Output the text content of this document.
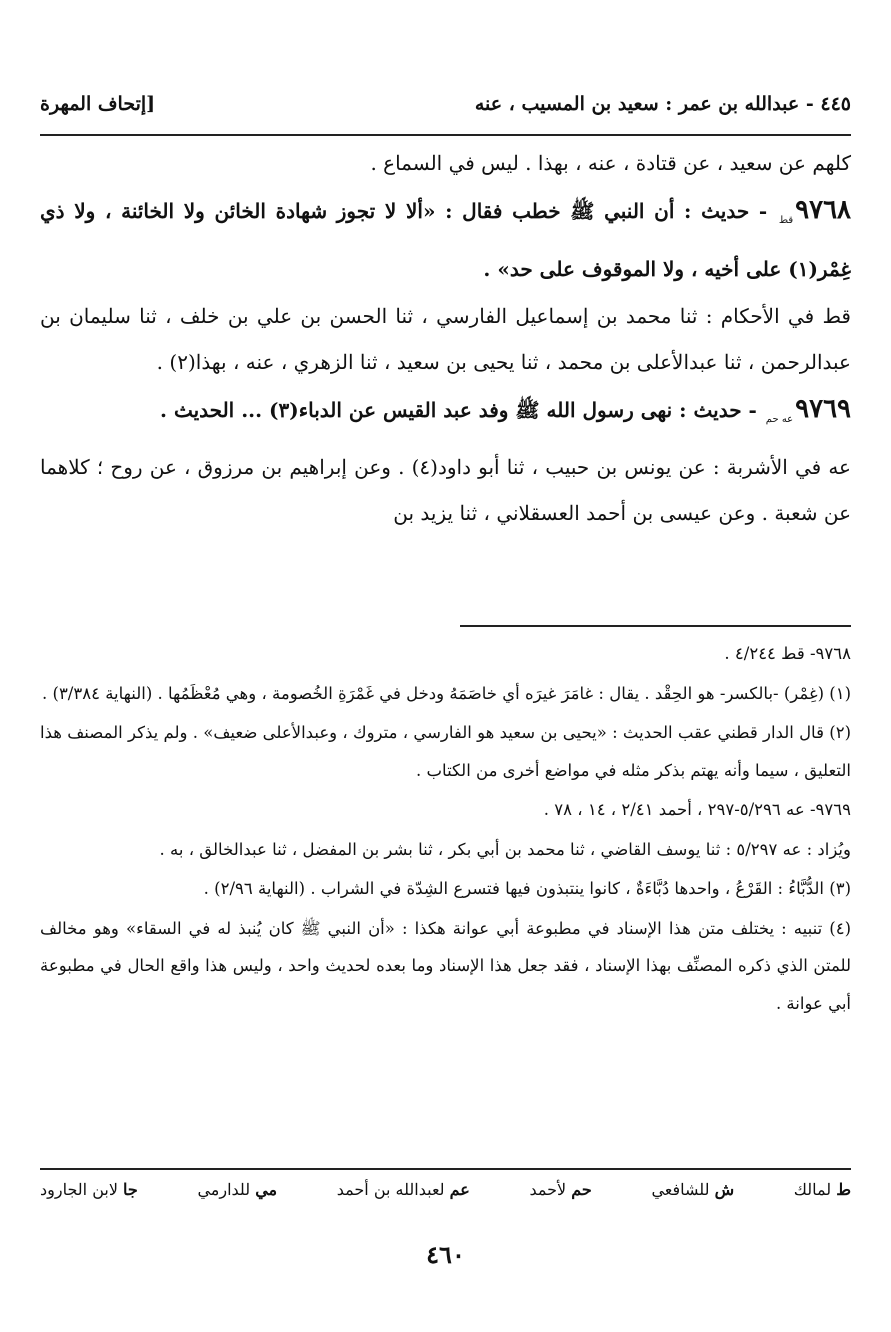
٤٤٥ - عبدالله بن عمر : سعيد بن المسيب ، عنه
[إتحاف المهرة

كلهم عن سعيد ، عن قتادة ، عنه ، بهذا . ليس في السماع .

$٩٧٦٨_{قط}$ - حديث : أن النبي ﷺ خطب فقال : «ألا لا تجوز شهادة الخائن ولا الخائنة ، ولا ذي غِمْر(١) على أخيه ، ولا الموقوف على حد» .

قط في الأحكام : ثنا محمد بن إسماعيل الفارسي ، ثنا الحسن بن علي بن خلف ، ثنا سليمان بن عبدالرحمن ، ثنا عبدالأعلى بن محمد ، ثنا يحيى بن سعيد ، ثنا الزهري ، عنه ، بهذا(٢) .

$٩٧٦٩_{عه حم}$ - حديث : نهى رسول الله ﷺ وفد عبد القيس عن الدباء(٣) ... الحديث .

عه في الأشربة : عن يونس بن حبيب ، ثنا أبو داود(٤) . وعن إبراهيم بن مرزوق ، عن روح ؛ كلاهما عن شعبة . وعن عيسى بن أحمد العسقلاني ، ثنا يزيد بن

٩٧٦٨- قط ٤/٢٤٤ .

(١) (غِمْر) -بالكسر- هو الحِقْد . يقال : غامَرَ غيرَه أي خاصَمَهُ ودخل في غَمْرَةِ الخُصومة ، وهي مُعْظَمُها . (النهاية ٣/٣٨٤) .

(٢) قال الدار قطني عقب الحديث : «يحيى بن سعيد هو الفارسي ، متروك ، وعبدالأعلى ضعيف» . ولم يذكر المصنف هذا التعليق ، سيما وأنه يهتم بذكر مثله في مواضع أخرى من الكتاب .

٩٧٦٩- عه ٥/٢٩٦-٢٩٧ ، أحمد ٢/٤١ ، ١٤ ، ٧٨ .

ويُزاد : عه ٥/٢٩٧ : ثنا يوسف القاضي ، ثنا محمد بن أبي بكر ، ثنا بشر بن المفضل ، ثنا عبدالخالق ، به .

(٣) الدُّبَّاءُ : القَرْعُ ، واحدها دُبَّاءَةٌ ، كانوا ينتبذون فيها فتسرع الشِدّة في الشراب . (النهاية ٢/٩٦) .

(٤) تنبيه : يختلف متن هذا الإسناد في مطبوعة أبي عوانة هكذا : «أن النبي ﷺ كان يُنبذ له في السقاء» وهو مخالف للمتن الذي ذكره المصنِّف بهذا الإسناد ، فقد جعل هذا الإسناد وما بعده لحديث واحد ، وليس هذا واقع الحال في مطبوعة أبي عوانة .

ط لمالك
ش للشافعي
حم لأحمد
عم لعبدالله بن أحمد
مي للدارمي
جا لابن الجارود
٤٦٠
